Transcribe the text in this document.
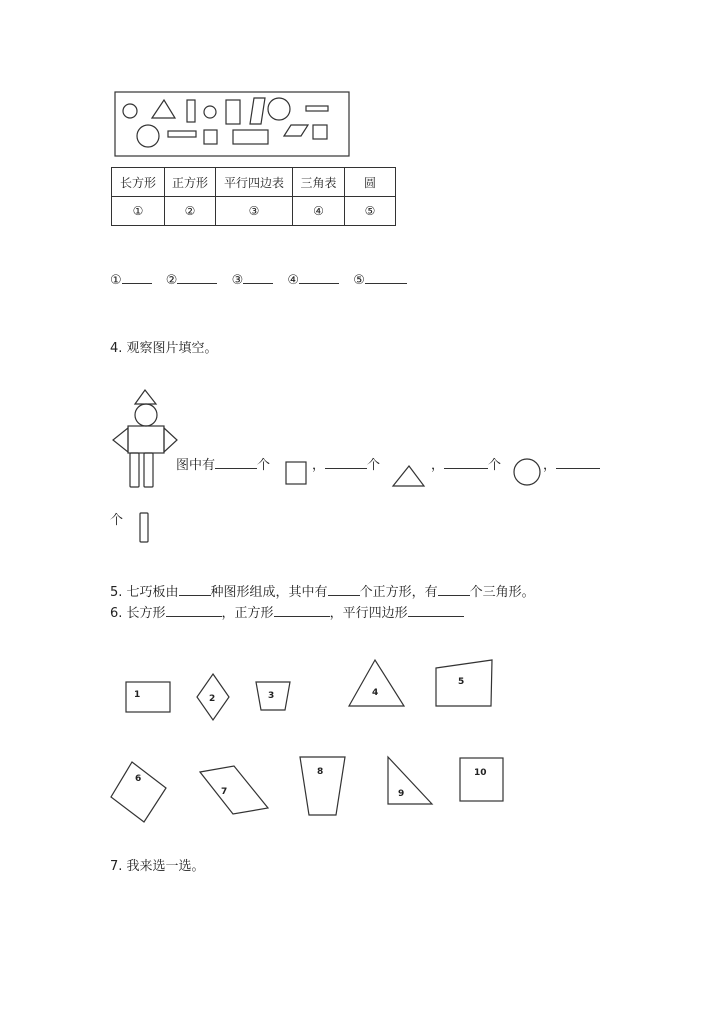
长方形	正方形	平行四边表	三角表	圆
①	②	③	④	⑤
①	②	③	④	⑤
4. 观察图片填空。
图中有	个	，	个	，	个	，
个
5. 七巧板由 种图形组成，其中有 个正方形，有 个三角形。
6. 长方形	，正方形	，平行四边形
1	2	3	4
5
6
7
8
9
10
7. 我来选一选。
